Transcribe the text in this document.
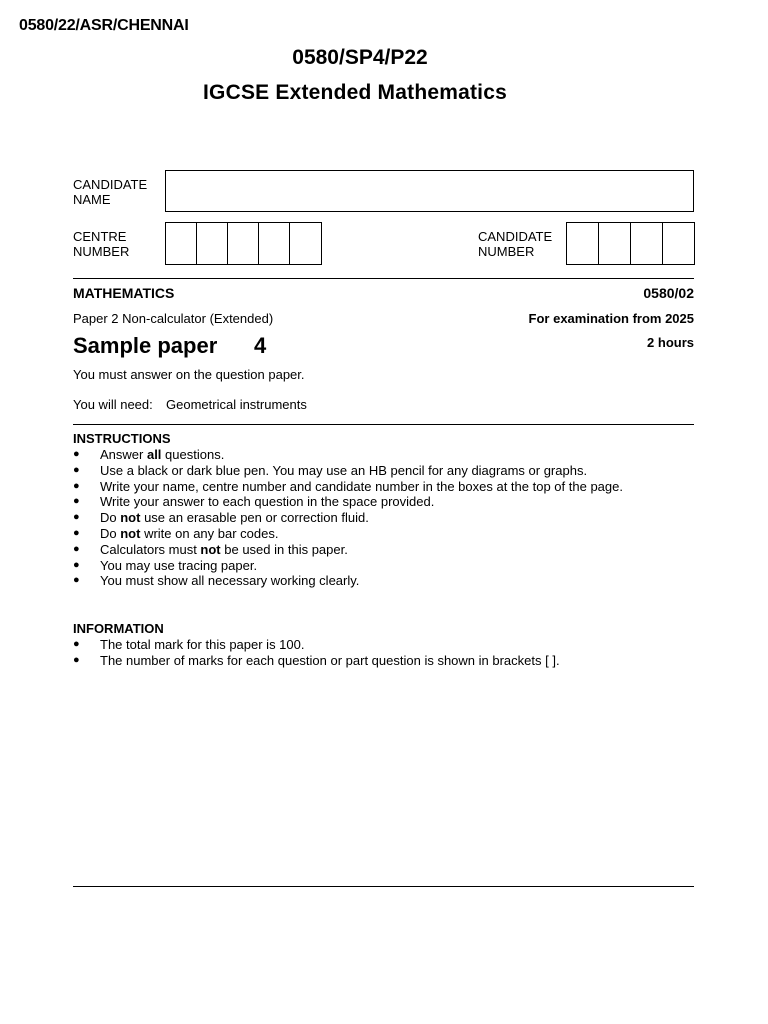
0580/22/ASR/CHENNAI
0580/SP4/P22
IGCSE Extended Mathematics
CANDIDATE
NAME
CENTRE
NUMBER
CANDIDATE
NUMBER
MATHEMATICS	0580/02
Paper 2 Non-calculator (Extended)	For examination from 2025
Sample paper 4	2 hours
You must answer on the question paper.
You will need: Geometrical instruments
INSTRUCTIONS
● Answer all questions.
● Use a black or dark blue pen. You may use an HB pencil for any diagrams or graphs.
● Write your name, centre number and candidate number in the boxes at the top of the page.
● Write your answer to each question in the space provided.
● Do not use an erasable pen or correction fluid.
● Do not write on any bar codes.
● Calculators must not be used in this paper.
● You may use tracing paper.
● You must show all necessary working clearly.
INFORMATION
● The total mark for this paper is 100.
● The number of marks for each question or part question is shown in brackets [ ].
